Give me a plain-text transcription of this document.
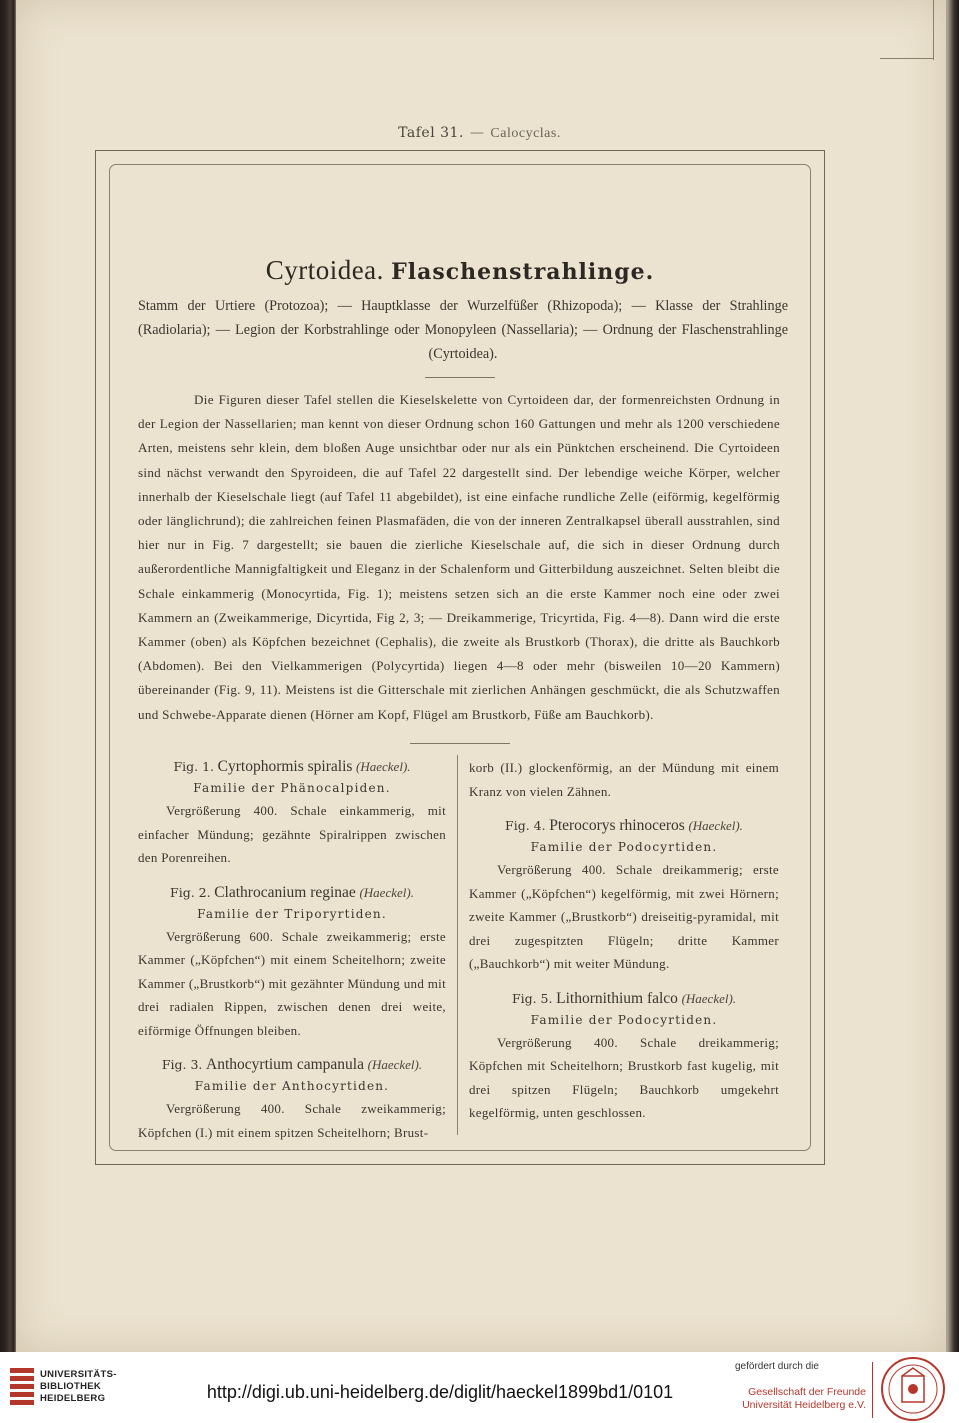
Tafel 31. — Calocyclas.
Cyrtoidea. Flaschenstrahlinge.
Stamm der Urtiere (Protozoa); — Hauptklasse der Wurzelfüßer (Rhizopoda); — Klasse der Strahlinge (Radiolaria); — Legion der Korbstrahlinge oder Monopyleen (Nassellaria); — Ordnung der Flaschenstrahlinge (Cyrtoidea).
Die Figuren dieser Tafel stellen die Kieselskelette von Cyrtoideen dar, der formenreichsten Ordnung in der Legion der Nassellarien; man kennt von dieser Ordnung schon 160 Gattungen und mehr als 1200 verschiedene Arten, meistens sehr klein, dem bloßen Auge unsichtbar oder nur als ein Pünktchen erscheinend. Die Cyrtoideen sind nächst verwandt den Spyroideen, die auf Tafel 22 dargestellt sind. Der lebendige weiche Körper, welcher innerhalb der Kieselschale liegt (auf Tafel 11 abgebildet), ist eine einfache rundliche Zelle (eiförmig, kegelförmig oder länglichrund); die zahlreichen feinen Plasmafäden, die von der inneren Zentralkapsel überall ausstrahlen, sind hier nur in Fig. 7 dargestellt; sie bauen die zierliche Kieselschale auf, die sich in dieser Ordnung durch außerordentliche Mannigfaltigkeit und Eleganz in der Schalenform und Gitterbildung auszeichnet. Selten bleibt die Schale einkammerig (Monocyrtida, Fig. 1); meistens setzen sich an die erste Kammer noch eine oder zwei Kammern an (Zweikammerige, Dicyrtida, Fig 2, 3; — Dreikammerige, Tricyrtida, Fig. 4—8). Dann wird die erste Kammer (oben) als Köpfchen bezeichnet (Cephalis), die zweite als Brustkorb (Thorax), die dritte als Bauchkorb (Abdomen). Bei den Vielkammerigen (Polycyrtida) liegen 4—8 oder mehr (bisweilen 10—20 Kammern) übereinander (Fig. 9, 11). Meistens ist die Gitterschale mit zierlichen Anhängen geschmückt, die als Schutzwaffen und Schwebe-Apparate dienen (Hörner am Kopf, Flügel am Brustkorb, Füße am Bauchkorb).
Fig. 1. Cyrtophormis spiralis (Haeckel).
Familie der Phänocalpiden.

Vergrößerung 400. Schale einkammerig, mit einfacher Mündung; gezähnte Spiralrippen zwischen den Porenreihen.

Fig. 2. Clathrocanium reginae (Haeckel).
Familie der Triporyrtiden.

Vergrößerung 600. Schale zweikammerig; erste Kammer („Köpfchen“) mit einem Scheitelhorn; zweite Kammer („Brustkorb“) mit gezähnter Mündung und mit drei radialen Rippen, zwischen denen drei weite, eiförmige Öffnungen bleiben.

Fig. 3. Anthocyrtium campanula (Haeckel).
Familie der Anthocyrtiden.

Vergrößerung 400. Schale zweikammerig; Köpfchen (I.) mit einem spitzen Scheitelhorn; Brust-

korb (II.) glockenförmig, an der Mündung mit einem Kranz von vielen Zähnen.

Fig. 4. Pterocorys rhinoceros (Haeckel).
Familie der Podocyrtiden.

Vergrößerung 400. Schale dreikammerig; erste Kammer („Köpfchen“) kegelförmig, mit zwei Hörnern; zweite Kammer („Brustkorb“) dreiseitig-pyramidal, mit drei zugespitzten Flügeln; dritte Kammer („Bauchkorb“) mit weiter Mündung.

Fig. 5. Lithornithium falco (Haeckel).
Familie der Podocyrtiden.

Vergrößerung 400. Schale dreikammerig; Köpfchen mit Scheitelhorn; Brustkorb fast kugelig, mit drei spitzen Flügeln; Bauchkorb umgekehrt kegelförmig, unten geschlossen.

UNIVERSITÄTS-
BIBLIOTHEK
HEIDELBERG	http://digi.ub.uni-heidelberg.de/diglit/haeckel1899bd1/0101
gefördert durch die
Gesellschaft der Freunde
Universität Heidelberg e.V.
